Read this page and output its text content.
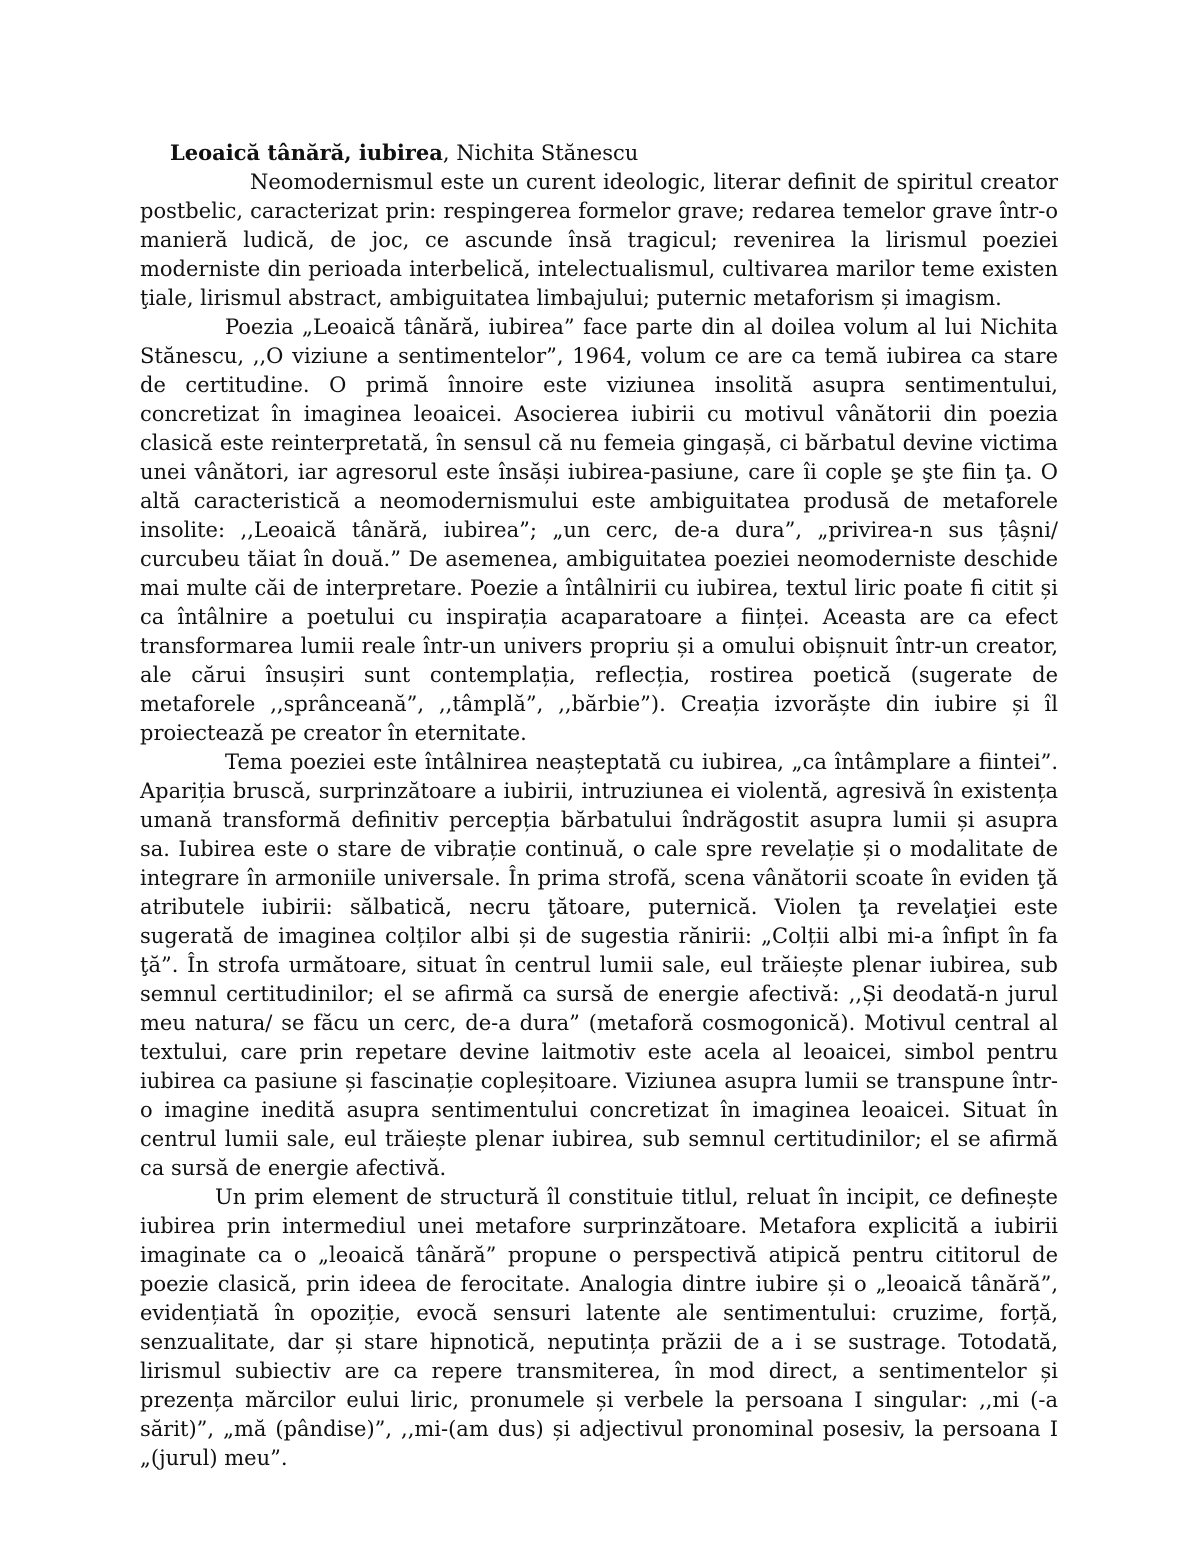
Leoaică tânără, iubirea, Nichita Stănescu

Neomodernismul este un curent ideologic, literar definit de spiritul creator postbelic, caracterizat prin: respingerea formelor grave; redarea temelor grave într-o manieră ludică, de joc, ce ascunde însă tragicul; revenirea la lirismul poeziei moderniste din perioada interbelică, intelectualismul, cultivarea marilor teme existen ţiale, lirismul abstract, ambiguitatea limbajului; puternic metaforism și imagism.

Poezia „Leoaică tânără, iubirea” face parte din al doilea volum al lui Nichita Stănescu, ,,O viziune a sentimentelor”, 1964, volum ce are ca temă iubirea ca stare de certitudine. O primă înnoire este viziunea insolită asupra sentimentului, concretizat în imaginea leoaicei. Asocierea iubirii cu motivul vânătorii din poezia clasică este reinterpretată, în sensul că nu femeia gingașă, ci bărbatul devine victima unei vânători, iar agresorul este însăși iubirea-pasiune, care îi cople şe şte fiin ţa. O altă caracteristică a neomodernismului este ambiguitatea produsă de metaforele insolite: ,,Leoaică tânără, iubirea”; „un cerc, de-a dura”, „privirea-n sus țâșni/ curcubeu tăiat în două.” De asemenea, ambiguitatea poeziei neomoderniste deschide mai multe căi de interpretare. Poezie a întâlnirii cu iubirea, textul liric poate fi citit și ca întâlnire a poetului cu inspirația acaparatoare a ființei. Aceasta are ca efect transformarea lumii reale într-un univers propriu și a omului obișnuit într-un creator, ale cărui însușiri sunt contemplația, reflecția, rostirea poetică (sugerate de metaforele ,,sprânceană”, ,,tâmplă”, ,,bărbie”). Creația izvorăște din iubire și îl proiectează pe creator în eternitate.

Tema poeziei este întâlnirea neașteptată cu iubirea, „ca întâmplare a fiintei”. Apariția bruscă, surprinzătoare a iubirii, intruziunea ei violentă, agresivă în existența umană transformă definitiv percepția bărbatului îndrăgostit asupra lumii și asupra sa. Iubirea este o stare de vibrație continuă, o cale spre revelație și o modalitate de integrare în armoniile universale. În prima strofă, scena vânătorii scoate în eviden ţă atributele iubirii: sălbatică, necru ţătoare, puternică. Violen ţa revelaţiei este sugerată de imaginea colților albi și de sugestia rănirii: „Colții albi mi-a înfipt în fa ţă”. În strofa următoare, situat în centrul lumii sale, eul trăiește plenar iubirea, sub semnul certitudinilor; el se afirmă ca sursă de energie afectivă: ,,Și deodată-n jurul meu natura/ se făcu un cerc, de-a dura” (metaforă cosmogonică). Motivul central al textului, care prin repetare devine laitmotiv este acela al leoaicei, simbol pentru iubirea ca pasiune și fascinație copleșitoare. Viziunea asupra lumii se transpune într-o imagine inedită asupra sentimentului concretizat în imaginea leoaicei. Situat în centrul lumii sale, eul trăiește plenar iubirea, sub semnul certitudinilor; el se afirmă ca sursă de energie afectivă.

Un prim element de structură îl constituie titlul, reluat în incipit, ce definește iubirea prin intermediul unei metafore surprinzătoare. Metafora explicită a iubirii imaginate ca o „leoaică tânără” propune o perspectivă atipică pentru cititorul de poezie clasică, prin ideea de ferocitate. Analogia dintre iubire și o „leoaică tânără”, evidențiată în opoziție, evocă sensuri latente ale sentimentului: cruzime, forță, senzualitate, dar și stare hipnotică, neputința prăzii de a i se sustrage. Totodată, lirismul subiectiv are ca repere transmiterea, în mod direct, a sentimentelor și prezența mărcilor eului liric, pronumele și verbele la persoana I singular: ,,mi (-a sărit)”, „mă (pândise)”, ,,mi-(am dus) și adjectivul pronominal posesiv, la persoana I „(jurul) meu”.
